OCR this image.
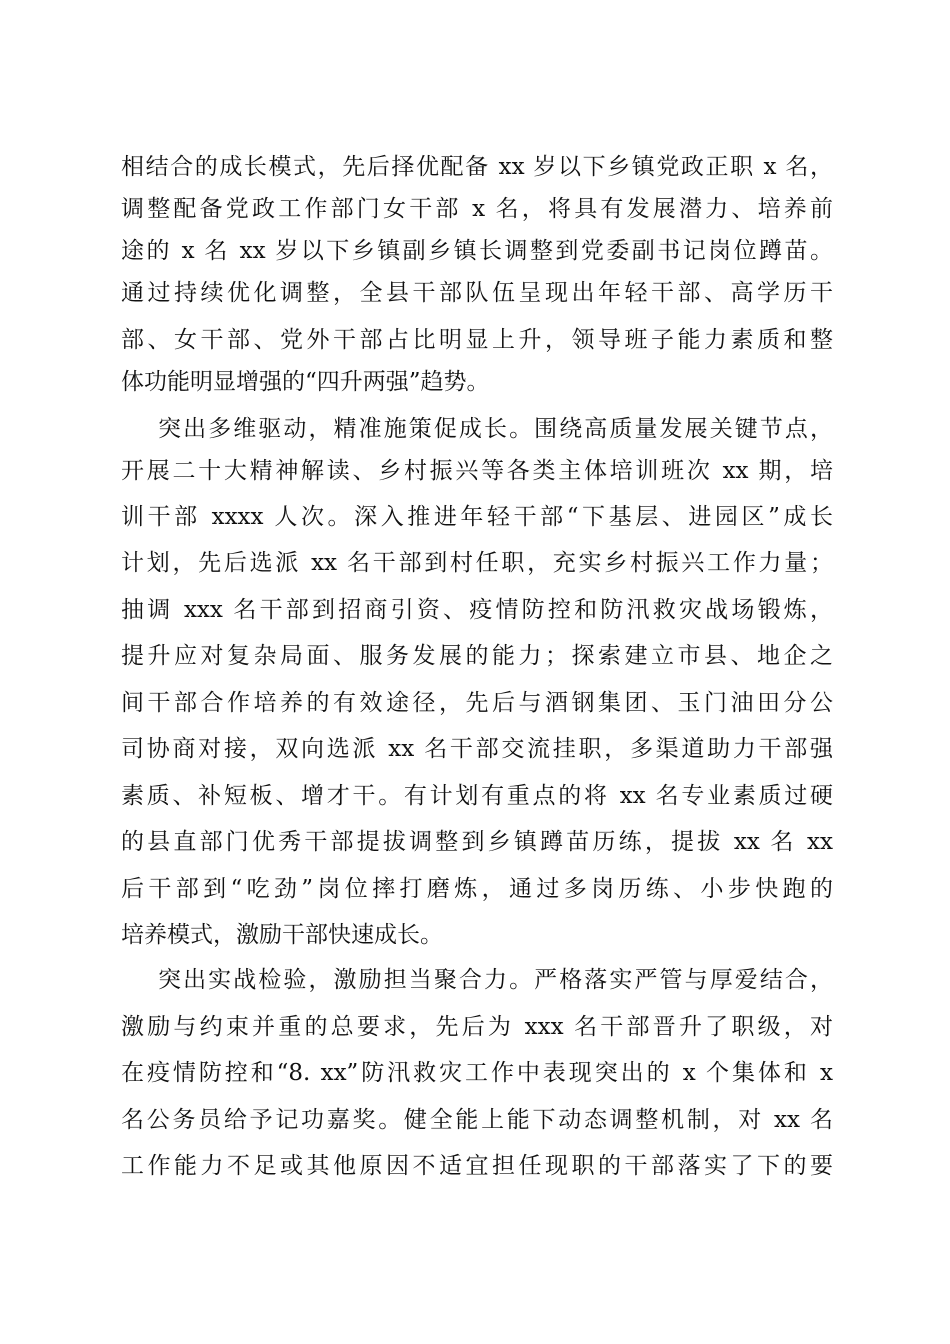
相结合的成长模式，先后择优配备 xx 岁以下乡镇党政正职 x 名，
调整配备党政工作部门女干部 x 名，将具有发展潜力、培养前
途的 x 名 xx 岁以下乡镇副乡镇长调整到党委副书记岗位蹲苗。
通过持续优化调整，全县干部队伍呈现出年轻干部、高学历干
部、女干部、党外干部占比明显上升，领导班子能力素质和整
体功能明显增强的“四升两强”趋势。
突出多维驱动，精准施策促成长。围绕高质量发展关键节点，
开展二十大精神解读、乡村振兴等各类主体培训班次 xx 期，培
训干部 xxxx 人次。深入推进年轻干部“下基层、进园区”成长
计划，先后选派 xx 名干部到村任职，充实乡村振兴工作力量；
抽调 xxx 名干部到招商引资、疫情防控和防汛救灾战场锻炼，
提升应对复杂局面、服务发展的能力；探索建立市县、地企之
间干部合作培养的有效途径，先后与酒钢集团、玉门油田分公
司协商对接，双向选派 xx 名干部交流挂职，多渠道助力干部强
素质、补短板、增才干。有计划有重点的将 xx 名专业素质过硬
的县直部门优秀干部提拔调整到乡镇蹲苗历练，提拔 xx 名 xx
后干部到“吃劲”岗位摔打磨炼，通过多岗历练、小步快跑的
培养模式，激励干部快速成长。
突出实战检验，激励担当聚合力。严格落实严管与厚爱结合，
激励与约束并重的总要求，先后为 xxx 名干部晋升了职级，对
在疫情防控和“8. xx”防汛救灾工作中表现突出的 x 个集体和 x
名公务员给予记功嘉奖。健全能上能下动态调整机制，对 xx 名
工作能力不足或其他原因不适宜担任现职的干部落实了下的要
